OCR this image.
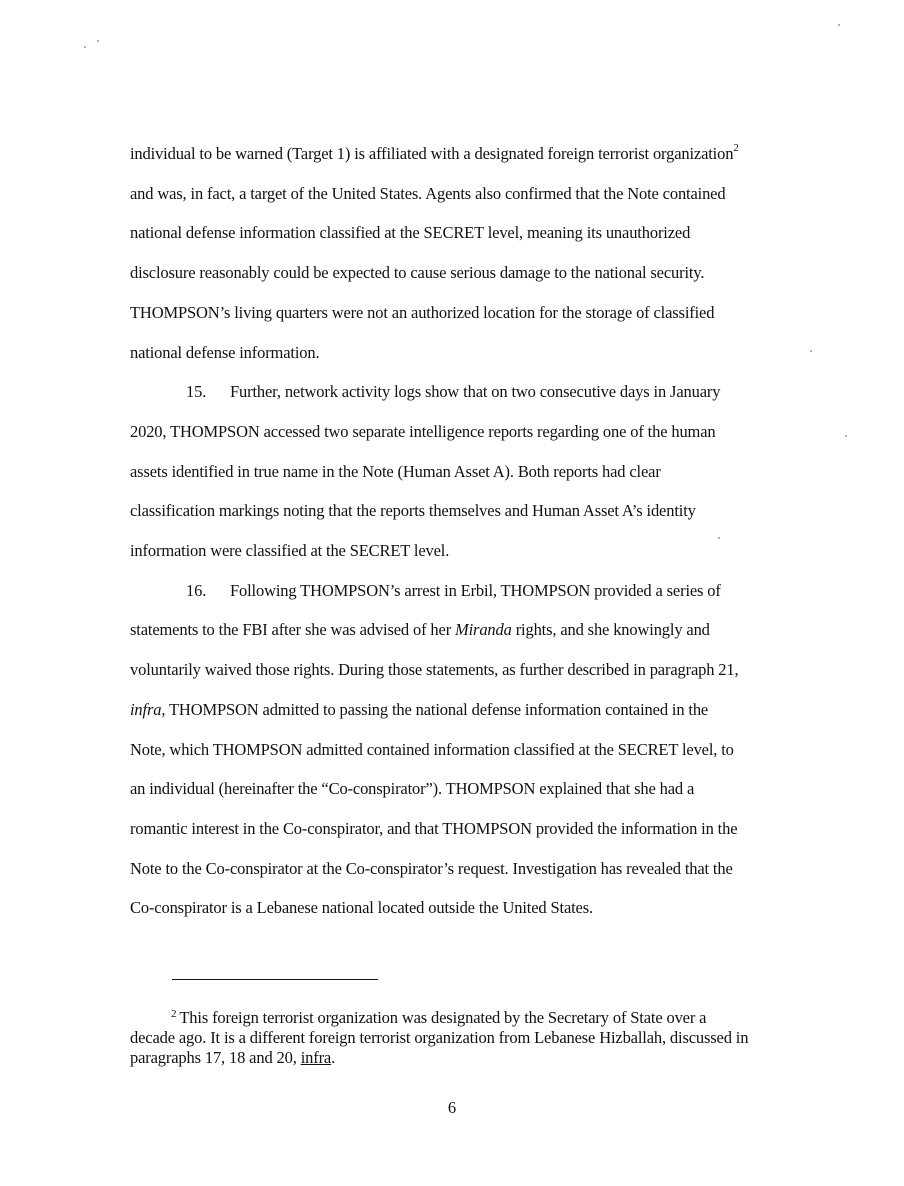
individual to be warned (Target 1) is affiliated with a designated foreign terrorist organization$^2$
and was, in fact, a target of the United States. Agents also confirmed that the Note contained
national defense information classified at the SECRET level, meaning its unauthorized
disclosure reasonably could be expected to cause serious damage to the national security.
THOMPSON’s living quarters were not an authorized location for the storage of classified
national defense information.
15. Further, network activity logs show that on two consecutive days in January
2020, THOMPSON accessed two separate intelligence reports regarding one of the human
assets identified in true name in the Note (Human Asset A). Both reports had clear
classification markings noting that the reports themselves and Human Asset A’s identity
information were classified at the SECRET level.
16. Following THOMPSON’s arrest in Erbil, THOMPSON provided a series of
statements to the FBI after she was advised of her Miranda rights, and she knowingly and
voluntarily waived those rights. During those statements, as further described in paragraph 21,
infra, THOMPSON admitted to passing the national defense information contained in the
Note, which THOMPSON admitted contained information classified at the SECRET level, to
an individual (hereinafter the “Co-conspirator”). THOMPSON explained that she had a
romantic interest in the Co-conspirator, and that THOMPSON provided the information in the
Note to the Co-conspirator at the Co-conspirator’s request. Investigation has revealed that the
Co-conspirator is a Lebanese national located outside the United States.
$^2$ This foreign terrorist organization was designated by the Secretary of State over a
decade ago. It is a different foreign terrorist organization from Lebanese Hizballah, discussed in
paragraphs 17, 18 and 20, infra.
6
